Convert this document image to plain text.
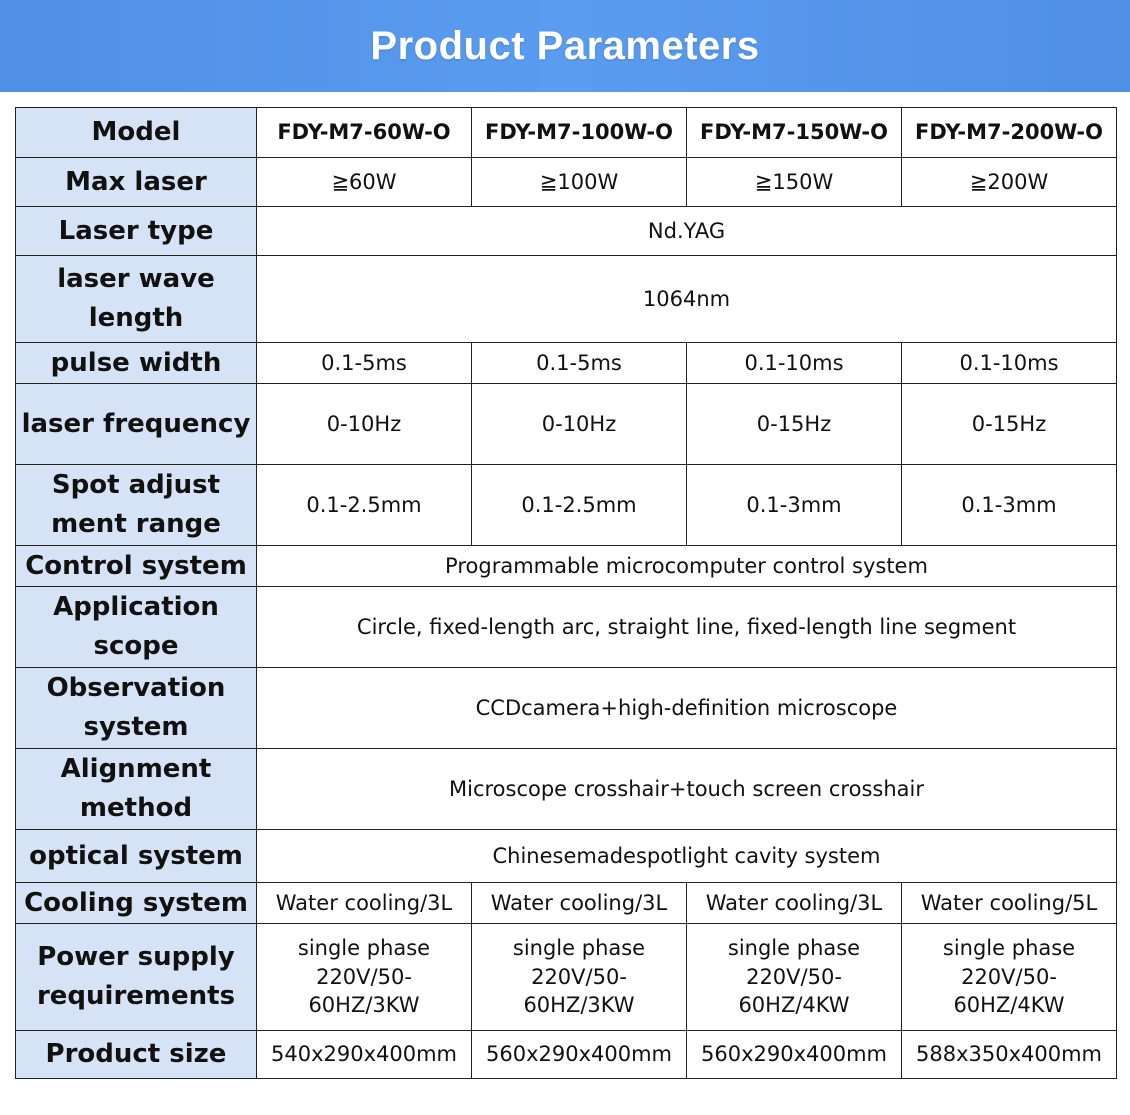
Product Parameters
Model	FDY-M7-60W-O	FDY-M7-100W-O	FDY-M7-150W-O	FDY-M7-200W-O
Max laser	≧60W	≧100W	≧150W	≧200W
Laser type	Nd.YAG			
laser wave
length	1064nm			
pulse width	0.1-5ms	0.1-5ms	0.1-10ms	0.1-10ms
laser frequency	0-10Hz	0-10Hz	0-15Hz	0-15Hz
Spot adjust
ment range	0.1-2.5mm	0.1-2.5mm	0.1-3mm	0.1-3mm
Control system	Programmable microcomputer control system			
Application
scope	Circle, fixed-length arc, straight line, fixed-length line segment			
Observation
system	CCDcamera+high-definition microscope			
Alignment
method	Microscope crosshair+touch screen crosshair			
optical system	Chinesemadespotlight cavity system			
Cooling system	Water cooling/3L	Water cooling/3L	Water cooling/3L	Water cooling/5L
Power supply
requirements	single phase
220V/50-
60HZ/3KW	single phase
220V/50-
60HZ/3KW	single phase
220V/50-
60HZ/4KW	single phase
220V/50-
60HZ/4KW
Product size	540x290x400mm	560x290x400mm	560x290x400mm	588x350x400mm
